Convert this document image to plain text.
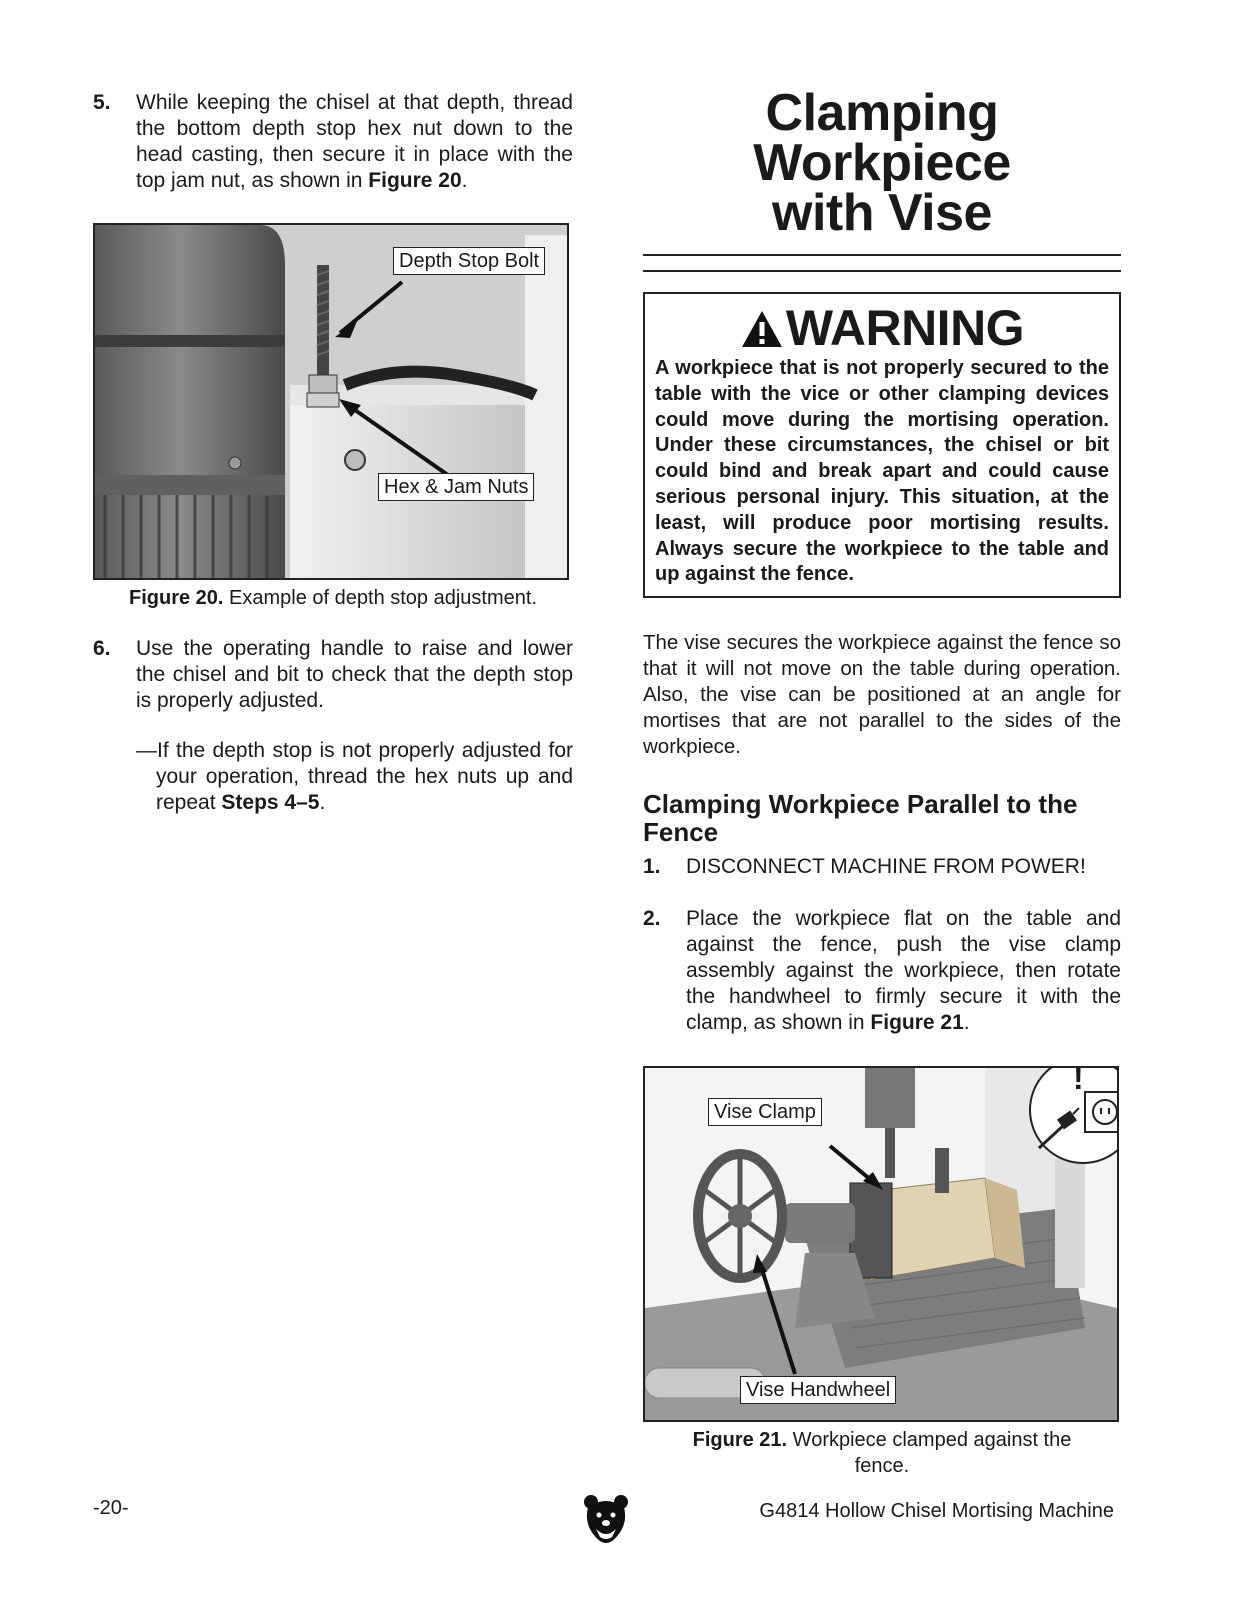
5. While keeping the chisel at that depth, thread the bottom depth stop hex nut down to the head casting, then secure it in place with the top jam nut, as shown in Figure 20.
Depth Stop Bolt
Hex & Jam Nuts
Figure 20. Example of depth stop adjustment.
6. Use the operating handle to raise and lower the chisel and bit to check that the depth stop is properly adjusted.
—If the depth stop is not properly adjusted for your operation, thread the hex nuts up and repeat Steps 4–5.
Clamping Workpiece
with Vise
WARNING
A workpiece that is not properly secured to the table with the vice or other clamping devices could move during the mortising operation. Under these circumstances, the chisel or bit could bind and break apart and could cause serious personal injury. This situation, at the least, will produce poor mortising results. Always secure the workpiece to the table and up against the fence.
The vise secures the workpiece against the fence so that it will not move on the table during operation. Also, the vise can be positioned at an angle for mortises that are not parallel to the sides of the workpiece.
Clamping Workpiece Parallel to the Fence
1. DISCONNECT MACHINE FROM POWER!
2. Place the workpiece flat on the table and against the fence, push the vise clamp assembly against the workpiece, then rotate the handwheel to firmly secure it with the clamp, as shown in Figure 21.
Vise Clamp
Vise Handwheel
!
Figure 21. Workpiece clamped against the fence.
-20-	G4814 Hollow Chisel Mortising Machine
